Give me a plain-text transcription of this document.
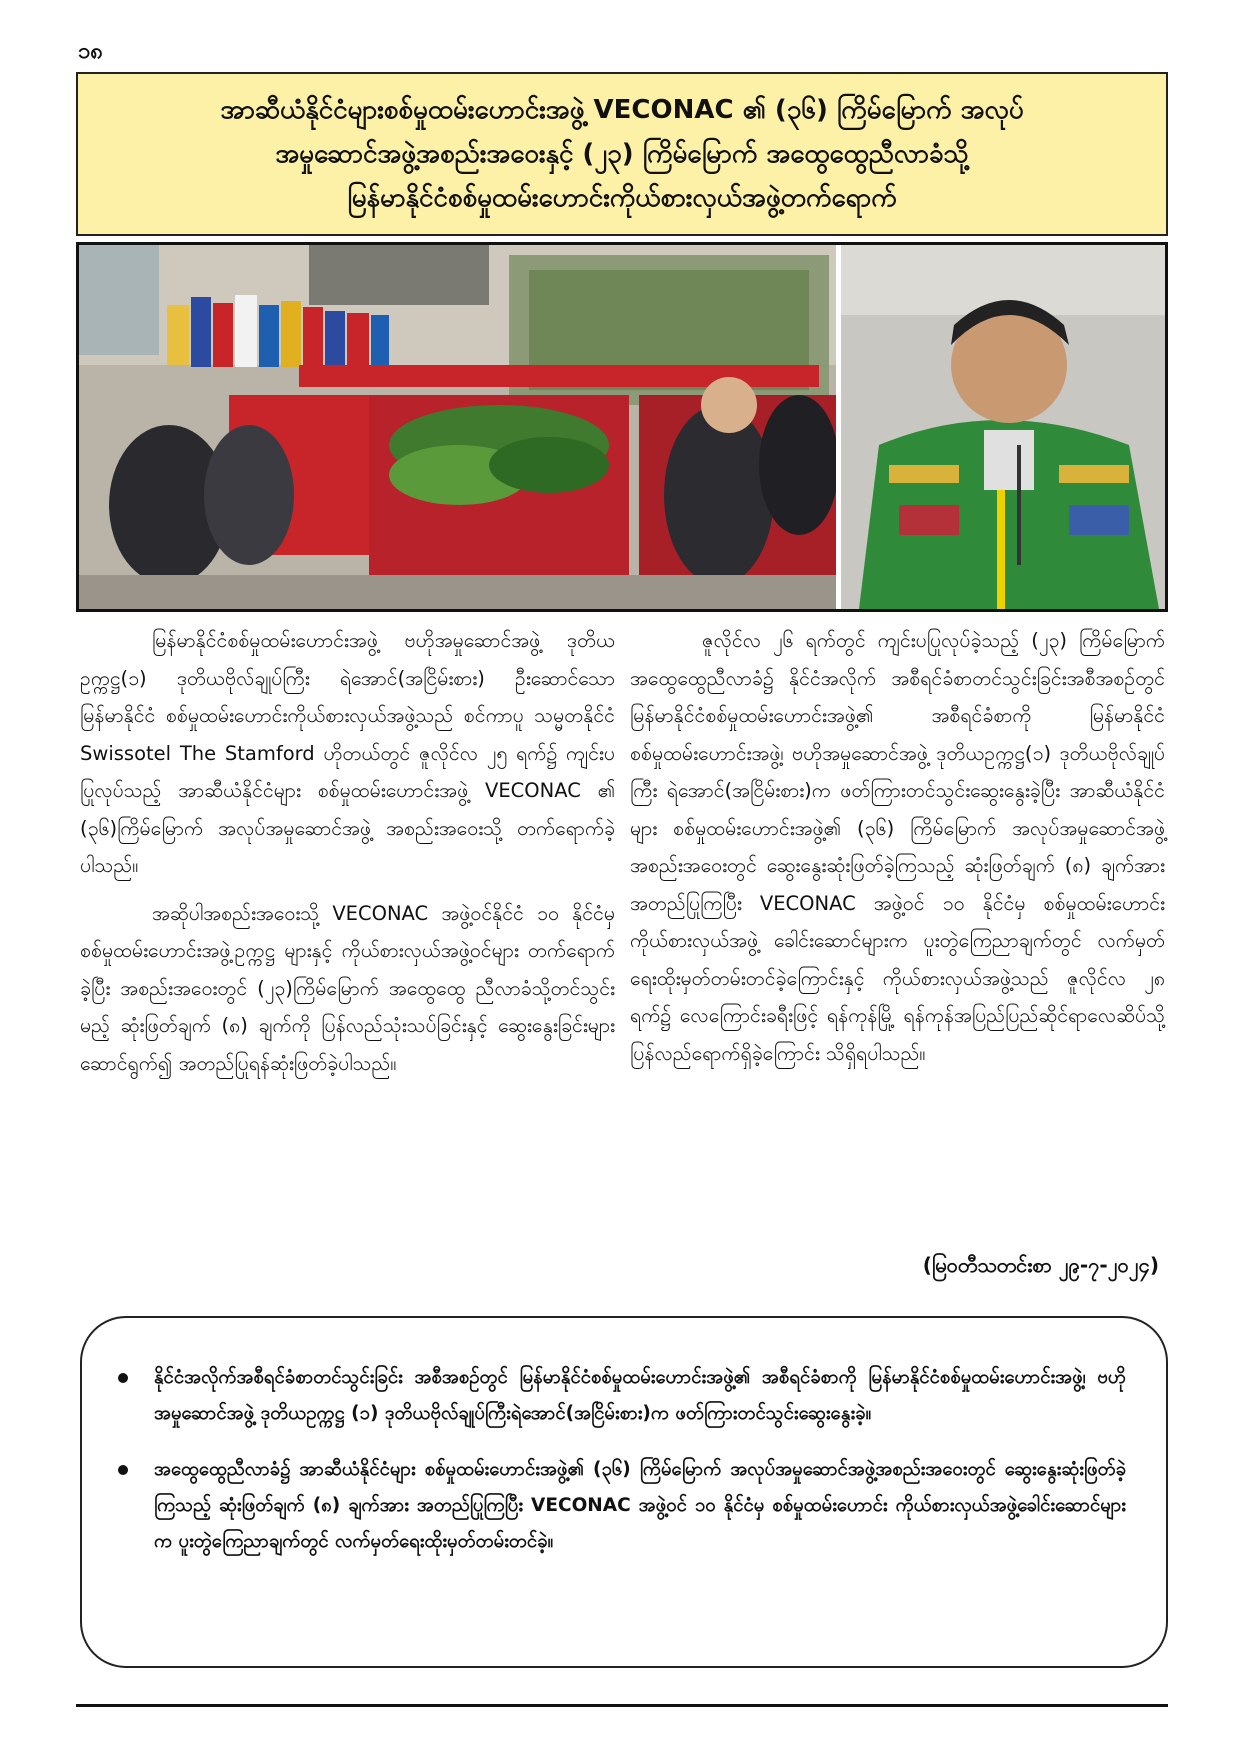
၁၈
အာဆီယံနိုင်ငံများစစ်မှုထမ်းဟောင်းအဖွဲ့ VECONAC ၏ (၃၆) ကြိမ်မြောက် အလုပ်
အမှုဆောင်အဖွဲ့အစည်းအဝေးနှင့် (၂၃) ကြိမ်မြောက် အထွေထွေညီလာခံသို့
မြန်မာနိုင်ငံစစ်မှုထမ်းဟောင်းကိုယ်စားလှယ်အဖွဲ့တက်ရောက်

မြန်မာနိုင်ငံစစ်မှုထမ်းဟောင်းအဖွဲ့ ဗဟိုအမှုဆောင်အဖွဲ့ ဒုတိယဥက္ကဋ္ဌ(၁) ဒုတိယဗိုလ်ချုပ်ကြီး ရဲအောင်(အငြိမ်းစား) ဦးဆောင်သောမြန်မာနိုင်ငံ စစ်မှုထမ်းဟောင်းကိုယ်စားလှယ်အဖွဲ့သည် စင်ကာပူ သမ္မတနိုင်ငံ Swissotel The Stamford ဟိုတယ်တွင် ဇူလိုင်လ ၂၅ ရက်၌ ကျင်းပပြုလုပ်သည့် အာဆီယံနိုင်ငံများ စစ်မှုထမ်းဟောင်းအဖွဲ့ VECONAC ၏ (၃၆)ကြိမ်မြောက် အလုပ်အမှုဆောင်အဖွဲ့ အစည်းအဝေးသို့ တက်ရောက်ခဲ့ပါသည်။

အဆိုပါအစည်းအဝေးသို့ VECONAC အဖွဲ့ဝင်နိုင်ငံ ၁၀ နိုင်ငံမှ စစ်မှုထမ်းဟောင်းအဖွဲ့ဥက္ကဋ္ဌ များနှင့် ကိုယ်စားလှယ်အဖွဲ့ဝင်များ တက်ရောက်ခဲ့ပြီး အစည်းအဝေးတွင် (၂၃)ကြိမ်မြောက် အထွေထွေ ညီလာခံသို့တင်သွင်းမည့် ဆုံးဖြတ်ချက် (၈) ချက်ကို ပြန်လည်သုံးသပ်ခြင်းနှင့် ဆွေးနွေးခြင်းများ ဆောင်ရွက်၍ အတည်ပြုရန်ဆုံးဖြတ်ခဲ့ပါသည်။

ဇူလိုင်လ ၂၆ ရက်တွင် ကျင်းပပြုလုပ်ခဲ့သည့် (၂၃) ကြိမ်မြောက် အထွေထွေညီလာခံ၌ နိုင်ငံအလိုက် အစီရင်ခံစာတင်သွင်းခြင်းအစီအစဉ်တွင် မြန်မာနိုင်ငံစစ်မှုထမ်းဟောင်းအဖွဲ့၏ အစီရင်ခံစာကို မြန်မာနိုင်ငံစစ်မှုထမ်းဟောင်းအဖွဲ့၊ ဗဟိုအမှုဆောင်အဖွဲ့ ဒုတိယဥက္ကဋ္ဌ(၁) ဒုတိယဗိုလ်ချုပ်ကြီး ရဲအောင်(အငြိမ်းစား)က ဖတ်ကြားတင်သွင်းဆွေးနွေးခဲ့ပြီး အာဆီယံနိုင်ငံများ စစ်မှုထမ်းဟောင်းအဖွဲ့၏ (၃၆) ကြိမ်မြောက် အလုပ်အမှုဆောင်အဖွဲ့အစည်းအဝေးတွင် ဆွေးနွေးဆုံးဖြတ်ခဲ့ကြသည့် ဆုံးဖြတ်ချက် (၈) ချက်အား အတည်ပြုကြပြီး VECONAC အဖွဲ့ဝင် ၁၀ နိုင်ငံမှ စစ်မှုထမ်းဟောင်းကိုယ်စားလှယ်အဖွဲ့ ခေါင်းဆောင်များက ပူးတွဲကြေညာချက်တွင် လက်မှတ်ရေးထိုးမှတ်တမ်းတင်ခဲ့ကြောင်းနှင့် ကိုယ်စားလှယ်အဖွဲ့သည် ဇူလိုင်လ ၂၈ ရက်၌ လေကြောင်းခရီးဖြင့် ရန်ကုန်မြို့ ရန်ကုန်အပြည်ပြည်ဆိုင်ရာလေဆိပ်သို့ ပြန်လည်ရောက်ရှိခဲ့ကြောင်း သိရှိရပါသည်။

(မြဝတီသတင်းစာ ၂၉-၇-၂၀၂၄)
နိုင်ငံအလိုက်အစီရင်ခံစာတင်သွင်းခြင်း အစီအစဉ်တွင် မြန်မာနိုင်ငံစစ်မှုထမ်းဟောင်းအဖွဲ့၏ အစီရင်ခံစာကို မြန်မာနိုင်ငံစစ်မှုထမ်းဟောင်းအဖွဲ့၊ ဗဟိုအမှုဆောင်အဖွဲ့ ဒုတိယဥက္ကဋ္ဌ (၁) ဒုတိယဗိုလ်ချုပ်ကြီးရဲအောင်(အငြိမ်းစား)က ဖတ်ကြားတင်သွင်းဆွေးနွေးခဲ့။
အထွေထွေညီလာခံ၌ အာဆီယံနိုင်ငံများ စစ်မှုထမ်းဟောင်းအဖွဲ့၏ (၃၆) ကြိမ်မြောက် အလုပ်အမှုဆောင်အဖွဲ့အစည်းအဝေးတွင် ဆွေးနွေးဆုံးဖြတ်ခဲ့ကြသည့် ဆုံးဖြတ်ချက် (၈) ချက်အား အတည်ပြုကြပြီး VECONAC အဖွဲ့ဝင် ၁၀ နိုင်ငံမှ စစ်မှုထမ်းဟောင်း ကိုယ်စားလှယ်အဖွဲ့ခေါင်းဆောင်များက ပူးတွဲကြေညာချက်တွင် လက်မှတ်ရေးထိုးမှတ်တမ်းတင်ခဲ့။
